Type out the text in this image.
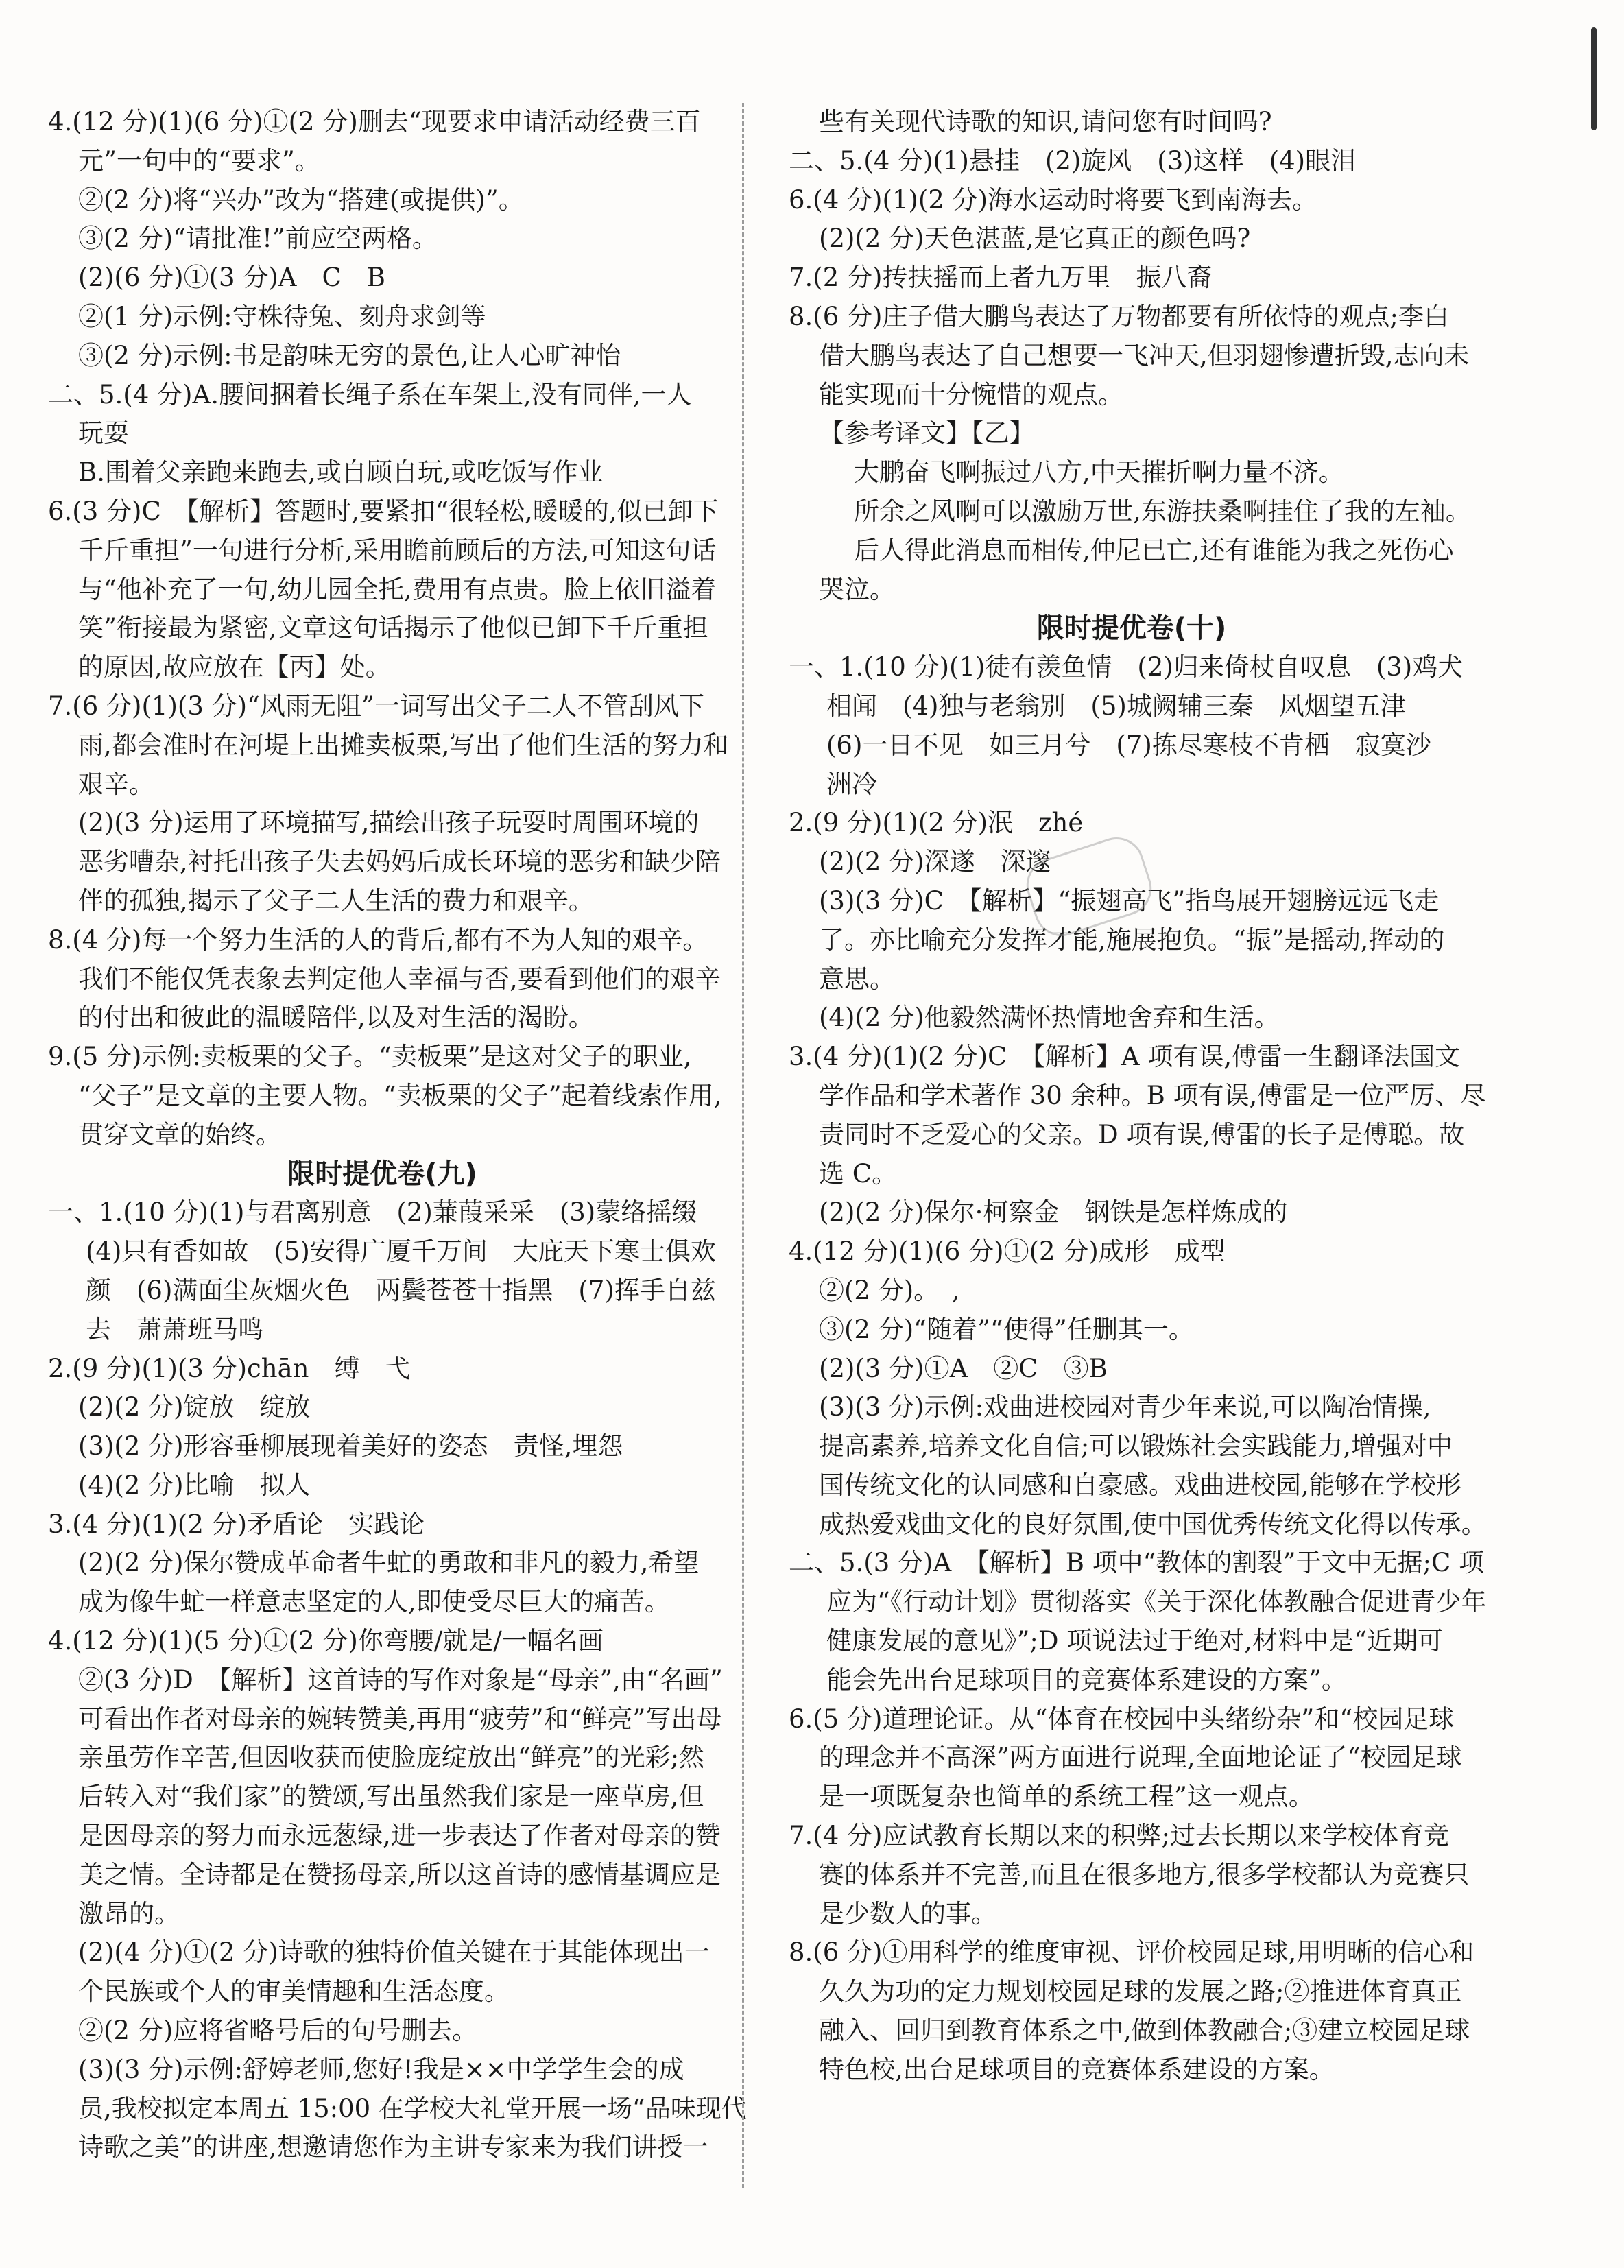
4.(12 分)(1)(6 分)①(2 分)删去“现要求申请活动经费三百
元”一句中的“要求”。
②(2 分)将“兴办”改为“搭建(或提供)”。
③(2 分)“请批准!”前应空两格。
(2)(6 分)①(3 分)A　C　B
②(1 分)示例:守株待兔、刻舟求剑等
③(2 分)示例:书是韵味无穷的景色,让人心旷神怡
二、5.(4 分)A.腰间捆着长绳子系在车架上,没有同伴,一人
玩耍
B.围着父亲跑来跑去,或自顾自玩,或吃饭写作业
6.(3 分)C　【解析】答题时,要紧扣“很轻松,暖暖的,似已卸下
千斤重担”一句进行分析,采用瞻前顾后的方法,可知这句话
与“他补充了一句,幼儿园全托,费用有点贵。脸上依旧溢着
笑”衔接最为紧密,文章这句话揭示了他似已卸下千斤重担
的原因,故应放在【丙】处。
7.(6 分)(1)(3 分)“风雨无阻”一词写出父子二人不管刮风下
雨,都会准时在河堤上出摊卖板栗,写出了他们生活的努力和
艰辛。
(2)(3 分)运用了环境描写,描绘出孩子玩耍时周围环境的
恶劣嘈杂,衬托出孩子失去妈妈后成长环境的恶劣和缺少陪
伴的孤独,揭示了父子二人生活的费力和艰辛。
8.(4 分)每一个努力生活的人的背后,都有不为人知的艰辛。
我们不能仅凭表象去判定他人幸福与否,要看到他们的艰辛
的付出和彼此的温暖陪伴,以及对生活的渴盼。
9.(5 分)示例:卖板栗的父子。“卖板栗”是这对父子的职业,
“父子”是文章的主要人物。“卖板栗的父子”起着线索作用,
贯穿文章的始终。
限时提优卷(九)
一、1.(10 分)(1)与君离别意　(2)蒹葭采采　(3)蒙络摇缀
(4)只有香如故　(5)安得广厦千万间　大庇天下寒士俱欢
颜　(6)满面尘灰烟火色　两鬓苍苍十指黑　(7)挥手自兹
去　萧萧班马鸣
2.(9 分)(1)(3 分)chān　缚　弋
(2)(2 分)锭放　绽放
(3)(2 分)形容垂柳展现着美好的姿态　责怪,埋怨
(4)(2 分)比喻　拟人
3.(4 分)(1)(2 分)矛盾论　实践论
(2)(2 分)保尔赞成革命者牛虻的勇敢和非凡的毅力,希望
成为像牛虻一样意志坚定的人,即使受尽巨大的痛苦。
4.(12 分)(1)(5 分)①(2 分)你弯腰/就是/一幅名画
②(3 分)D　【解析】这首诗的写作对象是“母亲”,由“名画”
可看出作者对母亲的婉转赞美,再用“疲劳”和“鲜亮”写出母
亲虽劳作辛苦,但因收获而使脸庞绽放出“鲜亮”的光彩;然
后转入对“我们家”的赞颂,写出虽然我们家是一座草房,但
是因母亲的努力而永远葱绿,进一步表达了作者对母亲的赞
美之情。全诗都是在赞扬母亲,所以这首诗的感情基调应是
激昂的。
(2)(4 分)①(2 分)诗歌的独特价值关键在于其能体现出一
个民族或个人的审美情趣和生活态度。
②(2 分)应将省略号后的句号删去。
(3)(3 分)示例:舒婷老师,您好!我是××中学学生会的成
员,我校拟定本周五 15:00 在学校大礼堂开展一场“品味现代
诗歌之美”的讲座,想邀请您作为主讲专家来为我们讲授一
些有关现代诗歌的知识,请问您有时间吗?
二、5.(4 分)(1)悬挂　(2)旋风　(3)这样　(4)眼泪
6.(4 分)(1)(2 分)海水运动时将要飞到南海去。
(2)(2 分)天色湛蓝,是它真正的颜色吗?
7.(2 分)抟扶摇而上者九万里　振八裔
8.(6 分)庄子借大鹏鸟表达了万物都要有所依恃的观点;李白
借大鹏鸟表达了自己想要一飞冲天,但羽翅惨遭折毁,志向未
能实现而十分惋惜的观点。
【参考译文】【乙】
大鹏奋飞啊振过八方,中天摧折啊力量不济。
所余之风啊可以激励万世,东游扶桑啊挂住了我的左袖。
后人得此消息而相传,仲尼已亡,还有谁能为我之死伤心
哭泣。
限时提优卷(十)
一、1.(10 分)(1)徒有羡鱼情　(2)归来倚杖自叹息　(3)鸡犬
相闻　(4)独与老翁别　(5)城阙辅三秦　风烟望五津
(6)一日不见　如三月兮　(7)拣尽寒枝不肯栖　寂寞沙
洲冷
2.(9 分)(1)(2 分)泯　zhé
(2)(2 分)深遂　深邃
(3)(3 分)C　【解析】“振翅高飞”指鸟展开翅膀远远飞走
了。亦比喻充分发挥才能,施展抱负。“振”是摇动,挥动的
意思。
(4)(2 分)他毅然满怀热情地舍弃和生活。
3.(4 分)(1)(2 分)C　【解析】A 项有误,傅雷一生翻译法国文
学作品和学术著作 30 余种。B 项有误,傅雷是一位严厉、尽
责同时不乏爱心的父亲。D 项有误,傅雷的长子是傅聪。故
选 C。
(2)(2 分)保尔·柯察金　钢铁是怎样炼成的
4.(12 分)(1)(6 分)①(2 分)成形　成型
②(2 分)。　,
③(2 分)“随着”“使得”任删其一。
(2)(3 分)①A　②C　③B
(3)(3 分)示例:戏曲进校园对青少年来说,可以陶冶情操,
提高素养,培养文化自信;可以锻炼社会实践能力,增强对中
国传统文化的认同感和自豪感。戏曲进校园,能够在学校形
成热爱戏曲文化的良好氛围,使中国优秀传统文化得以传承。
二、5.(3 分)A　【解析】B 项中“教体的割裂”于文中无据;C 项
应为“《行动计划》贯彻落实《关于深化体教融合促进青少年
健康发展的意见》”;D 项说法过于绝对,材料中是“近期可
能会先出台足球项目的竞赛体系建设的方案”。
6.(5 分)道理论证。从“体育在校园中头绪纷杂”和“校园足球
的理念并不高深”两方面进行说理,全面地论证了“校园足球
是一项既复杂也简单的系统工程”这一观点。
7.(4 分)应试教育长期以来的积弊;过去长期以来学校体育竞
赛的体系并不完善,而且在很多地方,很多学校都认为竞赛只
是少数人的事。
8.(6 分)①用科学的维度审视、评价校园足球,用明晰的信心和
久久为功的定力规划校园足球的发展之路;②推进体育真正
融入、回归到教育体系之中,做到体教融合;③建立校园足球
特色校,出台足球项目的竞赛体系建设的方案。
